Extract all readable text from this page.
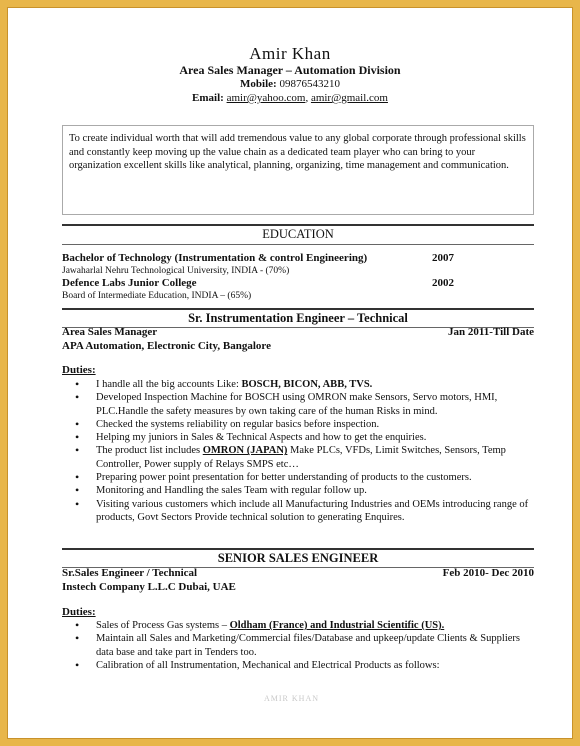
Amir Khan
Area Sales Manager – Automation Division
Mobile: 09876543210
Email: amir@yahoo.com, amir@gmail.com
To create individual worth that will add tremendous value to any global corporate through professional skills and constantly keep moving up the value chain as a dedicated team player who can bring to your organization excellent skills like analytical, planning, organizing, time management and communication.
EDUCATION
Bachelor of Technology (Instrumentation & control Engineering)	2007
Jawaharlal Nehru Technological University, INDIA - (70%)
Defence Labs Junior College	2002
Board of Intermediate Education, INDIA – (65%)
Sr. Instrumentation Engineer – Technical
Area Sales Manager	Jan 2011-Till Date
APA Automation, Electronic City, Bangalore
Duties:
• I handle all the big accounts Like: BOSCH, BICON, ABB, TVS.
• Developed Inspection Machine for BOSCH using OMRON make Sensors, Servo motors, HMI, PLC.Handle the safety measures by own taking care of the human Risks in mind.
• Checked the systems reliability on regular basics before inspection.
• Helping my juniors in Sales & Technical Aspects and how to get the enquiries.
• The product list includes OMRON (JAPAN) Make PLCs, VFDs, Limit Switches, Sensors, Temp Controller, Power supply of Relays SMPS etc…
• Preparing power point presentation for better understanding of products to the customers.
• Monitoring and Handling the sales Team with regular follow up.
• Visiting various customers which include all Manufacturing Industries and OEMs introducing range of products, Govt Sectors Provide technical solution to generating Enquires.
SENIOR SALES ENGINEER
Sr.Sales Engineer / Technical	Feb 2010- Dec 2010
Instech Company L.L.C Dubai, UAE
Duties:
• Sales of Process Gas systems – Oldham (France) and Industrial Scientific (US).
• Maintain all Sales and Marketing/Commercial files/Database and upkeep/update Clients & Suppliers data base and take part in Tenders too.
• Calibration of all Instrumentation, Mechanical and Electrical Products as follows:
AMIR KHAN
